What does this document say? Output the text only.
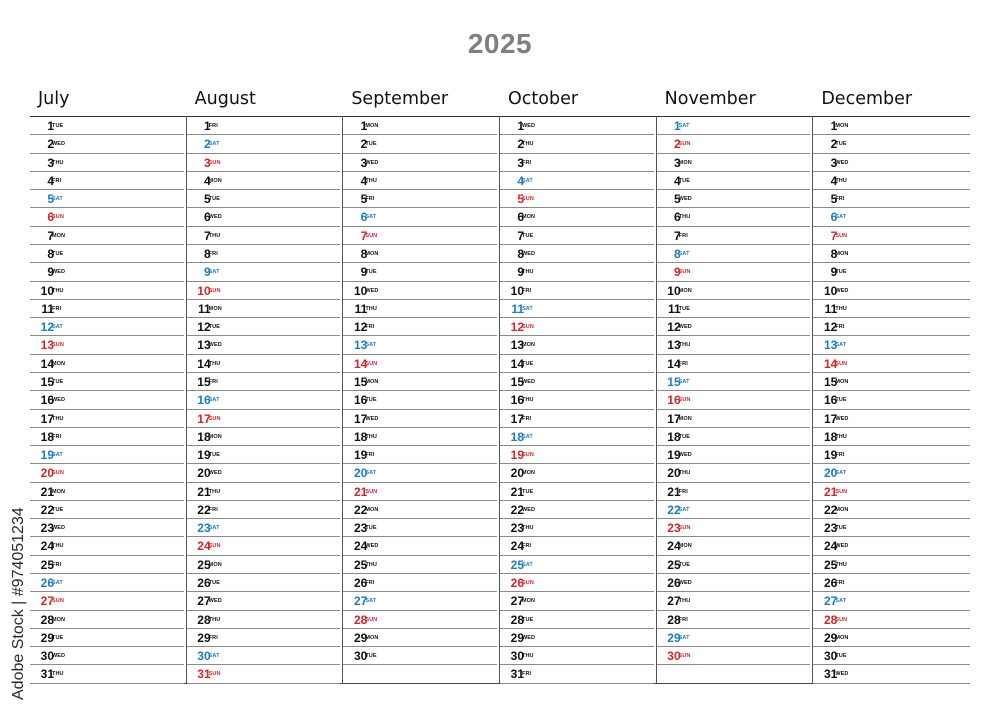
2025
July
1
TUE
2
WED
3
THU
4
FRI
5
SAT
6
SUN
7
MON
8
TUE
9
WED
10
THU
11
FRI
12
SAT
13
SUN
14
MON
15
TUE
16
WED
17
THU
18
FRI
19
SAT
20
SUN
21
MON
22
TUE
23
WED
24
THU
25
FRI
26
SAT
27
SUN
28
MON
29
TUE
30
WED
31
THU
August
1
FRI
2
SAT
3
SUN
4
MON
5
TUE
6
WED
7
THU
8
FRI
9
SAT
10
SUN
11
MON
12
TUE
13
WED
14
THU
15
FRI
16
SAT
17
SUN
18
MON
19
TUE
20
WED
21
THU
22
FRI
23
SAT
24
SUN
25
MON
26
TUE
27
WED
28
THU
29
FRI
30
SAT
31
SUN
September
1
MON
2
TUE
3
WED
4
THU
5
FRI
6
SAT
7
SUN
8
MON
9
TUE
10
WED
11
THU
12
FRI
13
SAT
14
SUN
15
MON
16
TUE
17
WED
18
THU
19
FRI
20
SAT
21
SUN
22
MON
23
TUE
24
WED
25
THU
26
FRI
27
SAT
28
SUN
29
MON
30
TUE
October
1
WED
2
THU
3
FRI
4
SAT
5
SUN
6
MON
7
TUE
8
WED
9
THU
10
FRI
11
SAT
12
SUN
13
MON
14
TUE
15
WED
16
THU
17
FRI
18
SAT
19
SUN
20
MON
21
TUE
22
WED
23
THU
24
FRI
25
SAT
26
SUN
27
MON
28
TUE
29
WED
30
THU
31
FRI
November
1
SAT
2
SUN
3
MON
4
TUE
5
WED
6
THU
7
FRI
8
SAT
9
SUN
10
MON
11
TUE
12
WED
13
THU
14
FRI
15
SAT
16
SUN
17
MON
18
TUE
19
WED
20
THU
21
FRI
22
SAT
23
SUN
24
MON
25
TUE
26
WED
27
THU
28
FRI
29
SAT
30
SUN
December
1
MON
2
TUE
3
WED
4
THU
5
FRI
6
SAT
7
SUN
8
MON
9
TUE
10
WED
11
THU
12
FRI
13
SAT
14
SUN
15
MON
16
TUE
17
WED
18
THU
19
FRI
20
SAT
21
SUN
22
MON
23
TUE
24
WED
25
THU
26
FRI
27
SAT
28
SUN
29
MON
30
TUE
31
WED
Adobe Stock | #974051234
